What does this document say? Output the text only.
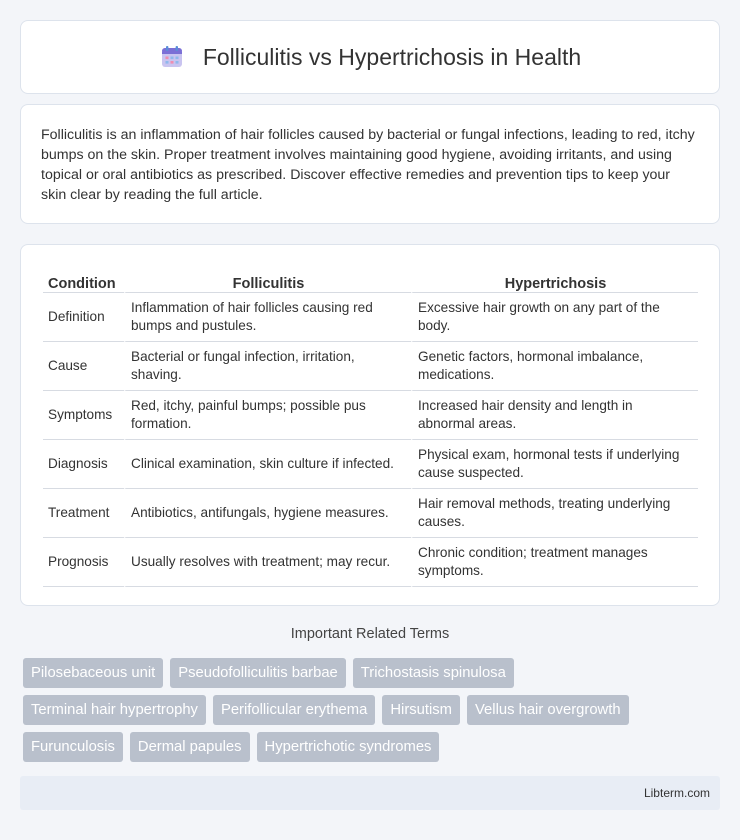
Folliculitis vs Hypertrichosis in Health

Folliculitis is an inflammation of hair follicles caused by bacterial or fungal infections, leading to red, itchy bumps on the skin. Proper treatment involves maintaining good hygiene, avoiding irritants, and using topical or oral antibiotics as prescribed. Discover effective remedies and prevention tips to keep your skin clear by reading the full article.

Condition	Folliculitis	Hypertrichosis
Definition	Inflammation of hair follicles causing red bumps and pustules.	Excessive hair growth on any part of the body.
Cause	Bacterial or fungal infection, irritation, shaving.	Genetic factors, hormonal imbalance, medications.
Symptoms	Red, itchy, painful bumps; possible pus formation.	Increased hair density and length in abnormal areas.
Diagnosis	Clinical examination, skin culture if infected.	Physical exam, hormonal tests if underlying cause suspected.
Treatment	Antibiotics, antifungals, hygiene measures.	Hair removal methods, treating underlying causes.
Prognosis	Usually resolves with treatment; may recur.	Chronic condition; treatment manages symptoms.
Important Related Terms
Pilosebaceous unit	Pseudofolliculitis barbae	Trichostasis spinulosa
Terminal hair hypertrophy	Perifollicular erythema	Hirsutism	Vellus hair overgrowth
Furunculosis	Dermal papules	Hypertrichotic syndromes
Libterm.com
